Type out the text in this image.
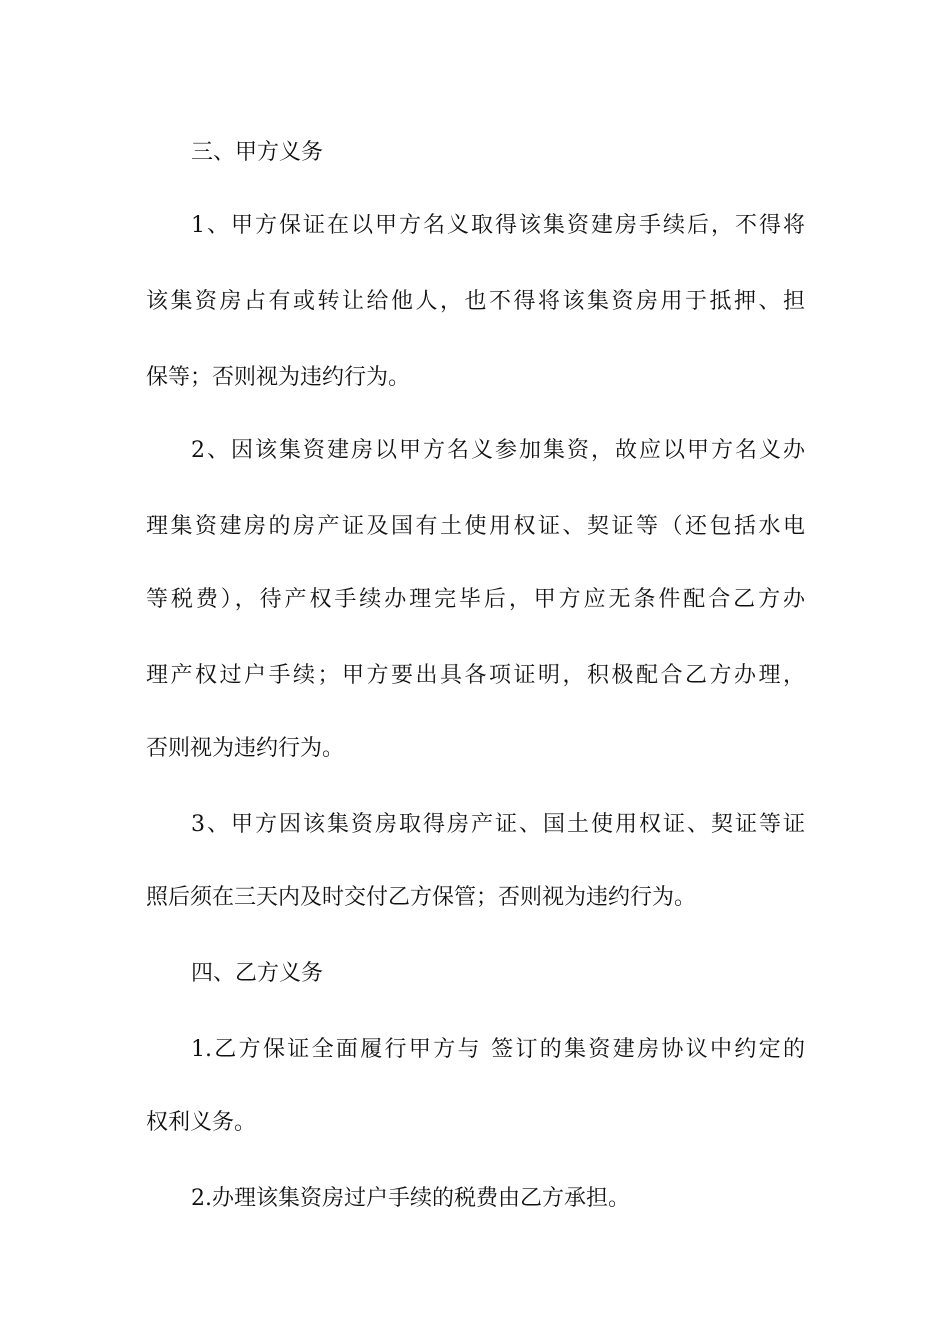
三、甲方义务
1、甲方保证在以甲方名义取得该集资建房手续后，不得将
该集资房占有或转让给他人，也不得将该集资房用于抵押、担
保等；否则视为违约行为。
2、因该集资建房以甲方名义参加集资，故应以甲方名义办
理集资建房的房产证及国有土使用权证、契证等（还包括水电
等税费），待产权手续办理完毕后，甲方应无条件配合乙方办
理产权过户手续；甲方要出具各项证明，积极配合乙方办理，
否则视为违约行为。
3、甲方因该集资房取得房产证、国土使用权证、契证等证
照后须在三天内及时交付乙方保管；否则视为违约行为。
四、乙方义务
1.乙方保证全面履行甲方与 签订的集资建房协议中约定的
权利义务。
2.办理该集资房过户手续的税费由乙方承担。
